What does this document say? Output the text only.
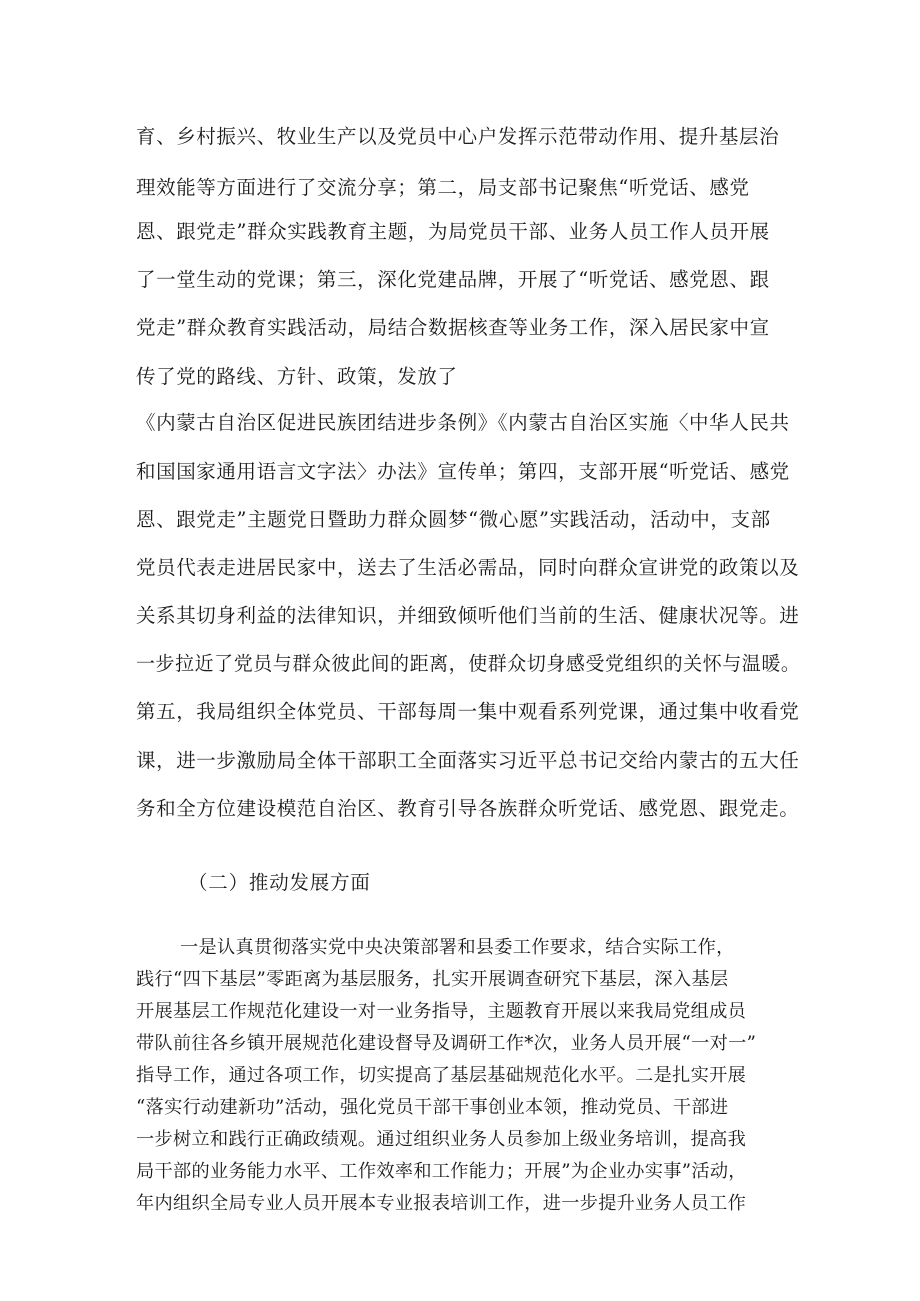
育、乡村振兴、牧业生产以及党员中心户发挥示范带动作用、提升基层治
理效能等方面进行了交流分享；第二，局支部书记聚焦“听党话、感党
恩、跟党走”群众实践教育主题，为局党员干部、业务人员工作人员开展
了一堂生动的党课；第三，深化党建品牌，开展了“听党话、感党恩、跟
党走”群众教育实践活动，局结合数据核查等业务工作，深入居民家中宣
传了党的路线、方针、政策，发放了
《内蒙古自治区促进民族团结进步条例》《内蒙古自治区实施〈中华人民共
和国国家通用语言文字法〉办法》宣传单；第四，支部开展“听党话、感党
恩、跟党走”主题党日暨助力群众圆梦“微心愿”实践活动，活动中，支部
党员代表走进居民家中，送去了生活必需品，同时向群众宣讲党的政策以及
关系其切身利益的法律知识，并细致倾听他们当前的生活、健康状况等。进
一步拉近了党员与群众彼此间的距离，使群众切身感受党组织的关怀与温暖。
第五，我局组织全体党员、干部每周一集中观看系列党课，通过集中收看党
课，进一步激励局全体干部职工全面落实习近平总书记交给内蒙古的五大任
务和全方位建设模范自治区、教育引导各族群众听党话、感党恩、跟党走。
（二）推动发展方面
一是认真贯彻落实党中央决策部署和县委工作要求，结合实际工作，
践行“四下基层”零距离为基层服务，扎实开展调查研究下基层，深入基层
开展基层工作规范化建设一对一业务指导，主题教育开展以来我局党组成员
带队前往各乡镇开展规范化建设督导及调研工作*次，业务人员开展“一对一”
指导工作，通过各项工作，切实提高了基层基础规范化水平。二是扎实开展
“落实行动建新功”活动，强化党员干部干事创业本领，推动党员、干部进
一步树立和践行正确政绩观。通过组织业务人员参加上级业务培训，提高我
局干部的业务能力水平、工作效率和工作能力；开展”为企业办实事”活动，
年内组织全局专业人员开展本专业报表培训工作，进一步提升业务人员工作
